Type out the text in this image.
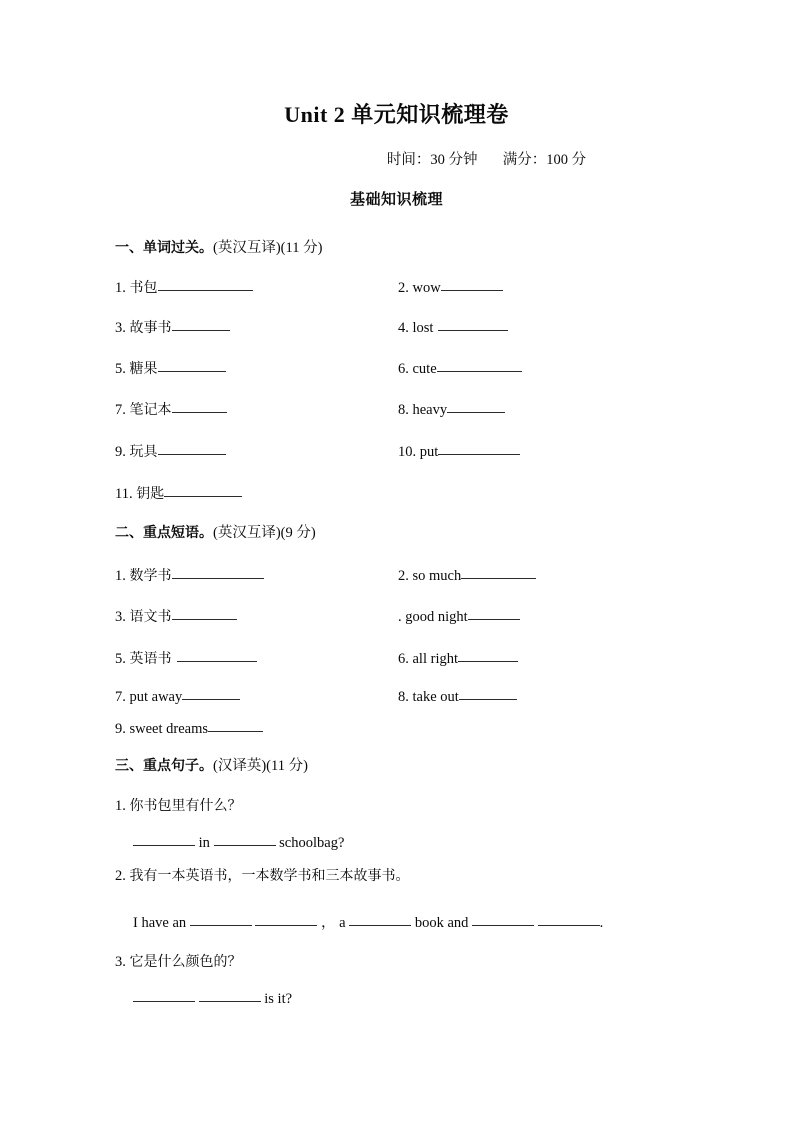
Unit 2 单元知识梳理卷
时间：30 分钟 满分：100 分
基础知识梳理
一、单词过关。(英汉互译)(11 分)
1. 书包	2. wow
3. 故事书	4. lost
5. 糖果	6. cute
7. 笔记本	8. heavy
9. 玩具	10. put
11. 钥匙
二、重点短语。(英汉互译)(9 分)
1. 数学书	2. so much
3. 语文书	. good night
5. 英语书	6. all right
7. put away	8. take out
9. sweet dreams
三、重点句子。(汉译英)(11 分)
1. 你书包里有什么？
in	schoolbag?
2. 我有一本英语书，一本数学书和三本故事书。
I have an	， a	book and	.
3. 它是什么颜色的？
is it?
